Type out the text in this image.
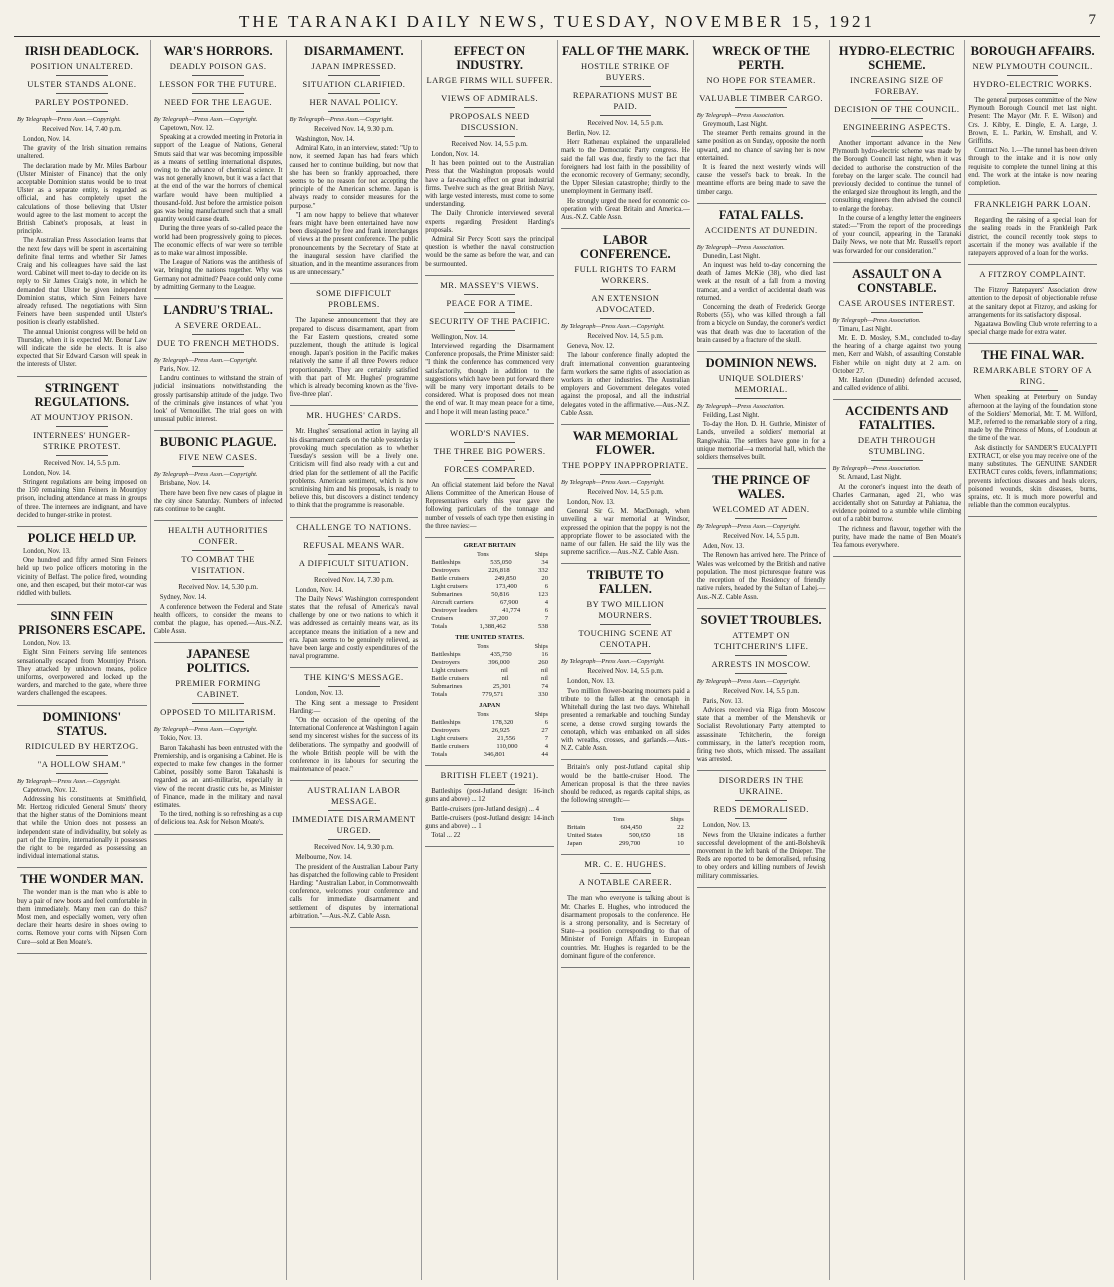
THE TARANAKI DAILY NEWS, TUESDAY, NOVEMBER 15, 1921	7
IRISH DEADLOCK.
POSITION UNALTERED.
ULSTER STANDS ALONE.
PARLEY POSTPONED.
By Telegraph—Press Assn.—Copyright.
Received Nov. 14, 7.40 p.m.

London, Nov. 14.

The gravity of the Irish situation remains unaltered.

The declaration made by Mr. Miles Barbour (Ulster Minister of Finance) that the only acceptable Dominion status would be to treat Ulster as a separate entity, is regarded as official, and has completely upset the calculations of those believing that Ulster would agree to the last moment to accept the British Cabinet's proposals, at least in principle.

The Australian Press Association learns that the next few days will be spent in ascertaining definite final terms and whether Sir James Craig and his colleagues have said the last word. Cabinet will meet to-day to decide on its reply to Sir James Craig's note, in which he demanded that Ulster be given independent Dominion status, which Sinn Feiners have already refused. The negotiations with Sinn Feiners have been suspended until Ulster's position is clearly established.

The annual Unionist congress will be held on Thursday, when it is expected Mr. Bonar Law will indicate the side he elects. It is also expected that Sir Edward Carson will speak in the interests of Ulster.

STRINGENT REGULATIONS.
AT MOUNTJOY PRISON.
INTERNEES' HUNGER-STRIKE PROTEST.
Received Nov. 14, 5.5 p.m.

London, Nov. 14.

Stringent regulations are being imposed on the 150 remaining Sinn Feiners in Mountjoy prison, including attendance at mass in groups of three. The internees are indignant, and have decided to hunger-strike in protest.

POLICE HELD UP.

London, Nov. 13.

One hundred and fifty armed Sinn Feiners held up two police officers motoring in the vicinity of Belfast. The police fired, wounding one, and then escaped, but their motor-car was riddled with bullets.

SINN FEIN PRISONERS ESCAPE.

London, Nov. 13.

Eight Sinn Feiners serving life sentences sensationally escaped from Mountjoy Prison. They attacked by unknown means, police uniforms, overpowered and locked up the warders, and marched to the gate, where three warders challenged the escapees.

DOMINIONS' STATUS.
RIDICULED BY HERTZOG.
"A HOLLOW SHAM."
By Telegraph—Press Assn.—Copyright.

Capetown, Nov. 12.

Addressing his constituents at Smithfield, Mr. Hertzog ridiculed General Smuts' theory that the higher status of the Dominions meant that while the Union does not possess an independent state of individuality, but solely as part of the Empire, internationally it possesses the right to be regarded as possessing an individual international status.

THE WONDER MAN.

The wonder man is the man who is able to buy a pair of new boots and feel comfortable in them immediately. Many men can do this? Most men, and especially women, very often declare their hearts desire in shoes owing to corns. Remove your corns with Nipsen Corn Cure—sold at Ben Moate's.

WAR'S HORRORS.
DEADLY POISON GAS.
LESSON FOR THE FUTURE.
NEED FOR THE LEAGUE.
By Telegraph—Press Assn.—Copyright.

Capetown, Nov. 12.

Speaking at a crowded meeting in Pretoria in support of the League of Nations, General Smuts said that war was becoming impossible as a means of settling international disputes, owing to the advance of chemical science. It was not generally known, but it was a fact that at the end of the war the horrors of chemical warfare would have been multiplied a thousand-fold. Just before the armistice poison gas was being manufactured such that a small quantity would cause death.

During the three years of so-called peace the world had been progressively going to pieces. The economic effects of war were so terrible as to make war almost impossible.

The League of Nations was the antithesis of war, bringing the nations together. Why was Germany not admitted? Peace could only come by admitting Germany to the League.

LANDRU'S TRIAL.
A SEVERE ORDEAL.
DUE TO FRENCH METHODS.
By Telegraph—Press Assn.—Copyright.

Paris, Nov. 12.

Landru continues to withstand the strain of judicial insinuations notwithstanding the grossly partisanship attitude of the judge. Two of the criminals give instances of what 'you look' of Vernouillet. The trial goes on with unusual public interest.

BUBONIC PLAGUE.
FIVE NEW CASES.
By Telegraph—Press Assn.—Copyright.

Brisbane, Nov. 14.

There have been five new cases of plague in the city since Saturday. Numbers of infected rats continue to be caught.

HEALTH AUTHORITIES CONFER.
TO COMBAT THE VISITATION.
Received Nov. 14, 5.30 p.m.

Sydney, Nov. 14.

A conference between the Federal and State health officers, to consider the means to combat the plague, has opened.—Aus.-N.Z. Cable Assn.

JAPANESE POLITICS.
PREMIER FORMING CABINET.
OPPOSED TO MILITARISM.
By Telegraph—Press Assn.—Copyright.

Tokio, Nov. 13.

Baron Takahashi has been entrusted with the Premiership, and is organising a Cabinet. He is expected to make few changes in the former Cabinet, possibly some Baron Takahashi is regarded as an anti-militarist, especially in view of the recent drastic cuts he, as Minister of Finance, made in the military and naval estimates.

To the tired, nothing is so refreshing as a cup of delicious tea. Ask for Nelson Moate's.

DISARMAMENT.
JAPAN IMPRESSED.
SITUATION CLARIFIED.
HER NAVAL POLICY.
By Telegraph—Press Assn.—Copyright.
Received Nov. 14, 9.30 p.m.

Washington, Nov. 14.

Admiral Kato, in an interview, stated: "Up to now, it seemed Japan has had fears which caused her to continue building, but now that she has been so frankly approached, there seems to be no reason for not accepting the principle of the American scheme. Japan is always ready to consider measures for the purpose."

"I am now happy to believe that whatever fears might have been entertained have now been dissipated by free and frank interchanges of views at the present conference. The public pronouncements by the Secretary of State at the inaugural session have clarified the situation, and in the meantime assurances from us are unnecessary."

SOME DIFFICULT PROBLEMS.

The Japanese announcement that they are prepared to discuss disarmament, apart from the Far Eastern questions, created some puzzlement, though the attitude is logical enough. Japan's position in the Pacific makes relatively the same if all three Powers reduce proportionately. They are certainly satisfied with that part of Mr. Hughes' programme which is already becoming known as the 'five-five-three plan'.

MR. HUGHES' CARDS.

Mr. Hughes' sensational action in laying all his disarmament cards on the table yesterday is provoking much speculation as to whether Tuesday's session will be a lively one. Criticism will find also ready with a cut and dried plan for the settlement of all the Pacific problems. American sentiment, which is now scrutinising him and his proposals, is ready to believe this, but discovers a distinct tendency to think that the programme is reasonable.

CHALLENGE TO NATIONS.
REFUSAL MEANS WAR.
A DIFFICULT SITUATION.
Received Nov. 14, 7.30 p.m.

London, Nov. 14.

The Daily News' Washington correspondent states that the refusal of America's naval challenge by one or two nations to which it was addressed as certainly means war, as its acceptance means the initiation of a new and era. Japan seems to be genuinely relieved, as have been large and costly expenditures of the naval programme.

THE KING'S MESSAGE.

London, Nov. 13.

The King sent a message to President Harding:—

"On the occasion of the opening of the International Conference at Washington I again send my sincerest wishes for the success of its deliberations. The sympathy and goodwill of the whole British people will be with the conference in its labours for securing the maintenance of peace."

AUSTRALIAN LABOR MESSAGE.
IMMEDIATE DISARMAMENT URGED.
Received Nov. 14, 9.30 p.m.

Melbourne, Nov. 14.

The president of the Australian Labour Party has dispatched the following cable to President Harding: "Australian Labor, in Commonwealth conference, welcomes your conference and calls for immediate disarmament and settlement of disputes by international arbitration."—Aus.-N.Z. Cable Assn.

EFFECT ON INDUSTRY.
LARGE FIRMS WILL SUFFER.
VIEWS OF ADMIRALS.
PROPOSALS NEED DISCUSSION.
Received Nov. 14, 5.5 p.m.

London, Nov. 14.

It has been pointed out to the Australian Press that the Washington proposals would have a far-reaching effect on great industrial firms. Twelve such as the great British Navy, with large vested interests, must come to some understanding.

The Daily Chronicle interviewed several experts regarding President Harding's proposals.

Admiral Sir Percy Scott says the principal question is whether the naval construction would be the same as before the war, and can be surmounted.

MR. MASSEY'S VIEWS.
PEACE FOR A TIME.
SECURITY OF THE PACIFIC.

Wellington, Nov. 14.

Interviewed regarding the Disarmament Conference proposals, the Prime Minister said: "I think the conference has commenced very satisfactorily, though in addition to the suggestions which have been put forward there will be many very important details to be considered. What is proposed does not mean the end of war. It may mean peace for a time, and I hope it will mean lasting peace."

WORLD'S NAVIES.
THE THREE BIG POWERS.
FORCES COMPARED.

An official statement laid before the Naval Aliens Committee of the American House of Representatives early this year gave the following particulars of the tonnage and number of vessels of each type then existing in the three navies:—

GREAT BRITAIN
Tons	Ships
Battleships	535,050	34
Destroyers	226,818	332
Battle cruisers	249,850	20
Light cruisers	173,400	6
Submarines	50,816	123
Aircraft carriers	67,900	4
Destroyer leaders	41,774	6
Cruisers	37,200	7
Totals	1,388,462	538
THE UNITED STATES.
Tons	Ships
Battleships	435,750	16
Destroyers	396,000	260
Light cruisers	nil	nil
Battle cruisers	nil	nil
Submarines	25,301	74
Totals	779,571	330
JAPAN
Tons	Ships
Battleships	178,320	6
Destroyers	26,925	27
Light cruisers	21,556	7
Battle cruisers	110,000	4
Totals	346,801	44
BRITISH FLEET (1921).

Battleships (post-Jutland design: 16-inch guns and above) ... 12

Battle-cruisers (pre-Jutland design) ... 4

Battle-cruisers (post-Jutland design: 14-inch guns and above) ... 1

Total ... 22

FALL OF THE MARK.
HOSTILE STRIKE OF BUYERS.
REPARATIONS MUST BE PAID.
Received Nov. 14, 5.5 p.m.

Berlin, Nov. 12.

Herr Rathenau explained the unparalleled mark to the Democratic Party congress. He said the fall was due, firstly to the fact that foreigners had lost faith in the possibility of the economic recovery of Germany; secondly, the Upper Silesian catastrophe; thirdly to the unemployment in Germany itself.

He strongly urged the need for economic co-operation with Great Britain and America.—Aus.-N.Z. Cable Assn.

LABOR CONFERENCE.
FULL RIGHTS TO FARM WORKERS.
AN EXTENSION ADVOCATED.
By Telegraph—Press Assn.—Copyright.
Received Nov. 14, 5.5 p.m.

Geneva, Nov. 12.

The labour conference finally adopted the draft international convention guaranteeing farm workers the same rights of association as workers in other industries. The Australian employers and Government delegates voted against the proposal, and all the industrial delegates voted in the affirmative.—Aus.-N.Z. Cable Assn.

WAR MEMORIAL FLOWER.
THE POPPY INAPPROPRIATE.
By Telegraph—Press Assn.—Copyright.
Received Nov. 14, 5.5 p.m.

London, Nov. 13.

General Sir G. M. MacDonagh, when unveiling a war memorial at Windsor, expressed the opinion that the poppy is not the appropriate flower to be associated with the name of our fallen. He said the lily was the supreme sacrifice.—Aus.-N.Z. Cable Assn.

TRIBUTE TO FALLEN.
BY TWO MILLION MOURNERS.
TOUCHING SCENE AT CENOTAPH.
By Telegraph—Press Assn.—Copyright.
Received Nov. 14, 5.5 p.m.

London, Nov. 13.

Two million flower-bearing mourners paid a tribute to the fallen at the cenotaph in Whitehall during the last two days. Whitehall presented a remarkable and touching Sunday scene, a dense crowd surging towards the cenotaph, which was embanked on all sides with wreaths, crosses, and garlands.—Aus.-N.Z. Cable Assn.

Britain's only post-Jutland capital ship would be the battle-cruiser Hood. The American proposal is that the three navies should be reduced, as regards capital ships, as the following strength:—

Tons	Ships
Britain	604,450	22
United States	500,650	18
Japan	299,700	10
MR. C. E. HUGHES.
A NOTABLE CAREER.

The man who everyone is talking about is Mr. Charles E. Hughes, who introduced the disarmament proposals to the conference. He is a strong personality, and is Secretary of State—a position corresponding to that of Minister of Foreign Affairs in European countries. Mr. Hughes is regarded to be the dominant figure of the conference.

WRECK OF THE PERTH.
NO HOPE FOR STEAMER.
VALUABLE TIMBER CARGO.
By Telegraph—Press Association.

Greymouth, Last Night.

The steamer Perth remains ground in the same position as on Sunday, opposite the north upward, and no chance of saving her is now entertained.

It is feared the next westerly winds will cause the vessel's back to break. In the meantime efforts are being made to save the timber cargo.

FATAL FALLS.
ACCIDENTS AT DUNEDIN.
By Telegraph—Press Association.

Dunedin, Last Night.

An inquest was held to-day concerning the death of James McKie (38), who died last week at the result of a fall from a moving tramcar, and a verdict of accidental death was returned.

Concerning the death of Frederick George Roberts (55), who was killed through a fall from a bicycle on Sunday, the coroner's verdict was that death was due to laceration of the brain caused by a fracture of the skull.

DOMINION NEWS.
UNIQUE SOLDIERS' MEMORIAL.
By Telegraph—Press Association.

Feilding, Last Night.

To-day the Hon. D. H. Guthrie, Minister of Lands, unveiled a soldiers' memorial at Rangiwahia. The settlers have gone in for a unique memorial—a memorial hall, which the soldiers themselves built.

THE PRINCE OF WALES.
WELCOMED AT ADEN.
By Telegraph—Press Assn.—Copyright.
Received Nov. 14, 5.5 p.m.

Aden, Nov. 13.

The Renown has arrived here. The Prince of Wales was welcomed by the British and native population. The most picturesque feature was the reception of the Residency of friendly native rulers, headed by the Sultan of Lahej.—Aus.-N.Z. Cable Assn.

SOVIET TROUBLES.
ATTEMPT ON TCHITCHERIN'S LIFE.
ARRESTS IN MOSCOW.
By Telegraph—Press Assn.—Copyright.
Received Nov. 14, 5.5 p.m.

Paris, Nov. 13.

Advices received via Riga from Moscow state that a member of the Menshevik or Socialist Revolutionary Party attempted to assassinate Tchitcherin, the foreign commissary, in the latter's reception room, firing two shots, which missed. The assailant was arrested.

DISORDERS IN THE UKRAINE.
REDS DEMORALISED.

London, Nov. 13.

News from the Ukraine indicates a further successful development of the anti-Bolshevik movement in the left bank of the Dnieper. The Reds are reported to be demoralised, refusing to obey orders and killing numbers of Jewish military commissaries.

HYDRO-ELECTRIC SCHEME.
INCREASING SIZE OF FOREBAY.
DECISION OF THE COUNCIL.
ENGINEERING ASPECTS.

Another important advance in the New Plymouth hydro-electric scheme was made by the Borough Council last night, when it was decided to authorise the construction of the forebay on the larger scale. The council had previously decided to continue the tunnel of the enlarged size throughout its length, and the consulting engineers then advised the council to enlarge the forebay.

In the course of a lengthy letter the engineers stated:—"From the report of the proceedings of your council, appearing in the Taranaki Daily News, we note that Mr. Russell's report was forwarded for our consideration."

ASSAULT ON A CONSTABLE.
CASE AROUSES INTEREST.
By Telegraph—Press Association.

Timaru, Last Night.

Mr. E. D. Mosley, S.M., concluded to-day the hearing of a charge against two young men, Kerr and Walsh, of assaulting Constable Fisher while on night duty at 2 a.m. on October 27.

Mr. Hanlon (Dunedin) defended accused, and called evidence of alibi.

ACCIDENTS AND FATALITIES.
DEATH THROUGH STUMBLING.
By Telegraph—Press Association.

St. Arnaud, Last Night.

At the coroner's inquest into the death of Charles Carmanan, aged 21, who was accidentally shot on Saturday at Pahiatua, the evidence pointed to a stumble while climbing out of a rabbit burrow.

The richness and flavour, together with the purity, have made the name of Ben Moate's Tea famous everywhere.

BOROUGH AFFAIRS.
NEW PLYMOUTH COUNCIL.
HYDRO-ELECTRIC WORKS.

The general purposes committee of the New Plymouth Borough Council met last night. Present: The Mayor (Mr. F. E. Wilson) and Crs. J. Kibby, E. Dingle, E. A. Large, J. Brown, E. L. Parkin, W. Emshall, and V. Griffiths.

Contract No. 1.—The tunnel has been driven through to the intake and it is now only requisite to complete the tunnel lining at this end. The work at the intake is now nearing completion.

FRANKLEIGH PARK LOAN.

Regarding the raising of a special loan for the sealing roads in the Frankleigh Park district, the council recently took steps to ascertain if the money was available if the ratepayers approved of a loan for the works.

A FITZROY COMPLAINT.

The Fitzroy Ratepayers' Association drew attention to the deposit of objectionable refuse at the sanitary depot at Fitzroy, and asking for arrangements for its satisfactory disposal.

Ngaatawa Bowling Club wrote referring to a special charge made for extra water.

THE FINAL WAR.
REMARKABLE STORY OF A RING.

When speaking at Peterbury on Sunday afternoon at the laying of the foundation stone of the Soldiers' Memorial, Mr. T. M. Wilford, M.P., referred to the remarkable story of a ring, made by the Princess of Mons, of Loudoun at the time of the war.

Ask distinctly for SANDER'S EUCALYPTI EXTRACT, or else you may receive one of the many substitutes. The GENUINE SANDER EXTRACT cures colds, fevers, inflammations; prevents infectious diseases and heals ulcers, poisoned wounds, skin diseases, burns, sprains, etc. It is much more powerful and reliable than the common eucalyptus.
